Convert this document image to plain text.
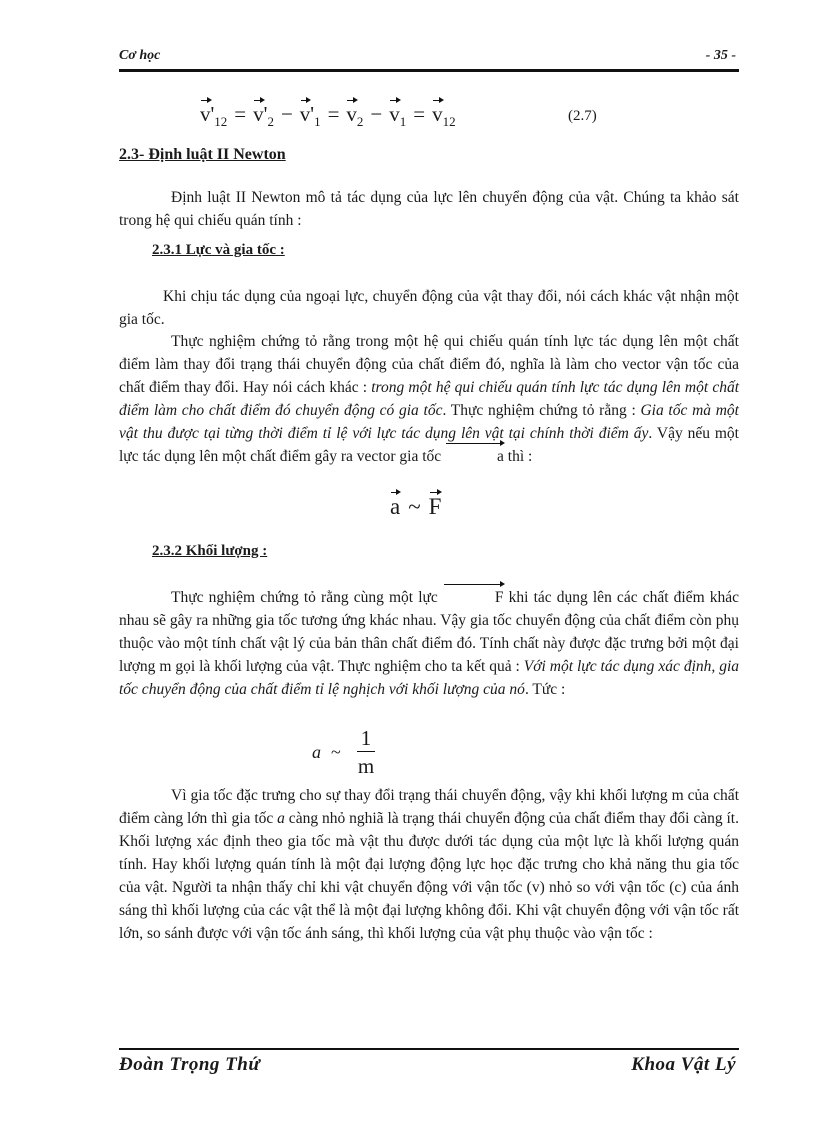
Cơ học	- 35 -
$v'_{12} = v'_2 - v'_1 = v_2 - v_1 = v_{12}$	(2.7)
2.3- Định luật II Newton
Định luật II Newton mô tả tác dụng của lực lên chuyển động của vật. Chúng ta khảo sát trong hệ qui chiếu quán tính :
2.3.1 Lực và gia tốc :
Khi chịu tác dụng của ngoại lực, chuyển động của vật thay đổi, nói cách khác vật nhận một gia tốc.
Thực nghiệm chứng tỏ rằng trong một hệ qui chiếu quán tính lực tác dụng lên một chất điểm làm thay đổi trạng thái chuyển động của chất điểm đó, nghĩa là làm cho vector vận tốc của chất điểm thay đổi. Hay nói cách khác : trong một hệ qui chiếu quán tính lực tác dụng lên một chất điểm làm cho chất điểm đó chuyển động có gia tốc. Thực nghiệm chứng tỏ rằng : Gia tốc mà một vật thu được tại từng thời điểm tỉ lệ với lực tác dụng lên vật tại chính thời điểm ấy. Vậy nếu một lực tác dụng lên một chất điểm gây ra vector gia tốc	a thì :
a ~ F
2.3.2 Khối lượng :
Thực nghiệm chứng tỏ rằng cùng một lực	F khi tác dụng lên các chất điểm khác nhau sẽ gây ra những gia tốc tương ứng khác nhau. Vậy gia tốc chuyển động của chất điểm còn phụ thuộc vào một tính chất vật lý của bản thân chất điểm đó. Tính chất này được đặc trưng bởi một đại lượng m gọi là khối lượng của vật. Thực nghiệm cho ta kết quả : Với một lực tác dụng xác định, gia tốc chuyển động của chất điểm tỉ lệ nghịch với khối lượng của nó. Tức :
a ~ $\frac{1}{m}$
Vì gia tốc đặc trưng cho sự thay đổi trạng thái chuyển động, vậy khi khối lượng m của chất điểm càng lớn thì gia tốc a càng nhỏ nghiã là trạng thái chuyển động của chất điểm thay đổi càng ít. Khối lượng xác định theo gia tốc mà vật thu được dưới tác dụng của một lực là khối lượng quán tính. Hay khối lượng quán tính là một đại lượng động lực học đặc trưng cho khả năng thu gia tốc của vật. Người ta nhận thấy chỉ khi vật chuyển động với vận tốc (v) nhỏ so với vận tốc (c) của ánh sáng thì khối lượng của các vật thể là một đại lượng không đổi. Khi vật chuyển động với vận tốc rất lớn, so sánh được với vận tốc ánh sáng, thì khối lượng của vật phụ thuộc vào vận tốc :
Đoàn Trọng Thứ	Khoa Vật Lý
